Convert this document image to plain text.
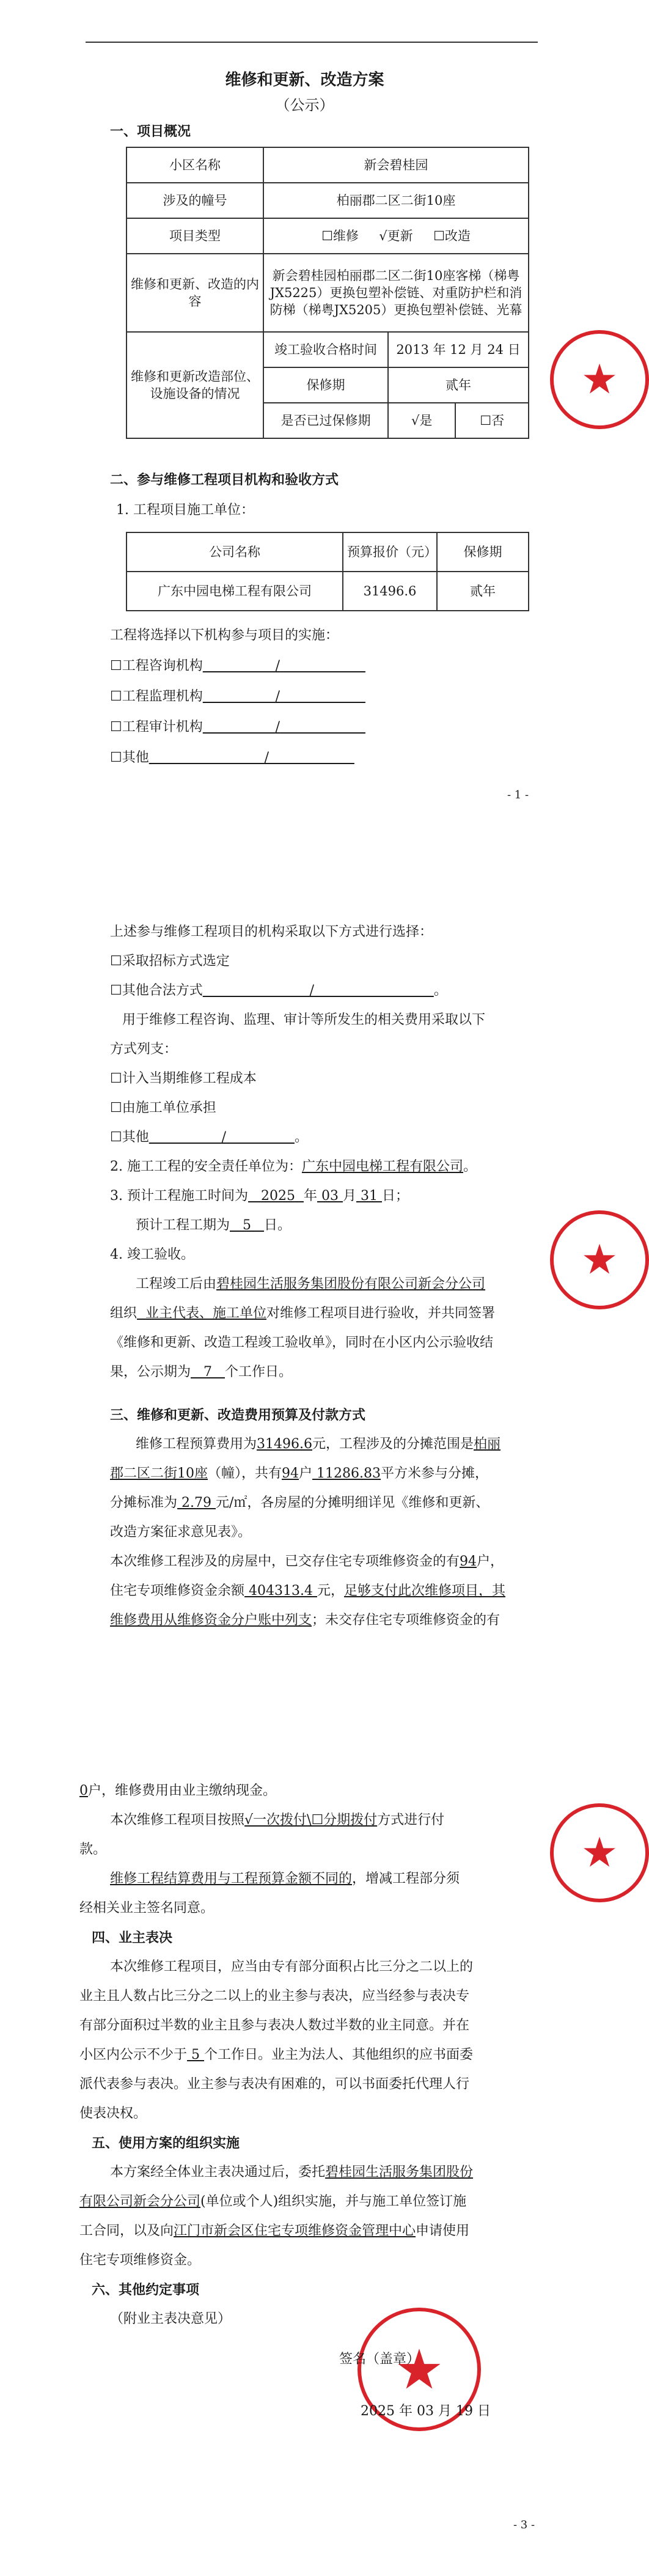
维修和更新、改造方案
（公示）
一、项目概况
小区名称	新会碧桂园		
涉及的幢号	柏丽郡二区二街10座		
项目类型	☐维修 √更新 ☐改造		
维修和更新、改造的内容	新会碧桂园柏丽郡二区二街10座客梯（梯粤JX5225）更换包塑补偿链、对重防护栏和消防梯（梯粤JX5205）更换包塑补偿链、光幕		
维修和更新改造部位、设施设备的情况	竣工验收合格时间	2013 年 12 月 24 日	
	保修期	贰年	
	是否已过保修期	√是	☐否
★
二、参与维修工程项目机构和验收方式
1. 工程项目施工单位：
公司名称	预算报价（元）	保修期
广东中园电梯工程有限公司	31496.6	贰年
工程将选择以下机构参与项目的实施：
☐工程咨询机构	/
☐工程监理机构	/
☐工程审计机构	/
☐其他	/
- 1 -
上述参与维修工程项目的机构采取以下方式进行选择：
☐采取招标方式选定
☐其他合法方式	/	。
用于维修工程咨询、监理、审计等所发生的相关费用采取以下
方式列支：
☐计入当期维修工程成本
☐由施工单位承担
☐其他	/	。
2. 施工工程的安全责任单位为：广东中园电梯工程有限公司。
3. 预计工程施工时间为 2025 年 03 月 31 日；
预计工程工期为 5 日。
4. 竣工验收。
工程竣工后由碧桂园生活服务集团股份有限公司新会分公司
组织 业主代表、施工单位对维修工程项目进行验收，并共同签署
《维修和更新、改造工程竣工验收单》，同时在小区内公示验收结
果，公示期为 7 个工作日。
★
三、维修和更新、改造费用预算及付款方式
维修工程预算费用为31496.6元，工程涉及的分摊范围是柏丽
郡二区二街10座（幢），共有94户 11286.83平方米参与分摊，
分摊标准为 2.79 元/㎡，各房屋的分摊明细详见《维修和更新、
改造方案征求意见表》。
本次维修工程涉及的房屋中，已交存住宅专项维修资金的有94户，
住宅专项维修资金余额 404313.4 元，足够支付此次维修项目，其
维修费用从维修资金分户账中列支；未交存住宅专项维修资金的有
0户，维修费用由业主缴纳现金。
本次维修工程项目按照√一次拨付\☐分期拨付方式进行付
款。
维修工程结算费用与工程预算金额不同的，增减工程部分须
经相关业主签名同意。
★
四、业主表决
本次维修工程项目，应当由专有部分面积占比三分之二以上的
业主且人数占比三分之二以上的业主参与表决，应当经参与表决专
有部分面积过半数的业主且参与表决人数过半数的业主同意。并在
小区内公示不少于 5 个工作日。业主为法人、其他组织的应书面委
派代表参与表决。业主参与表决有困难的，可以书面委托代理人行
使表决权。
五、使用方案的组织实施
本方案经全体业主表决通过后，委托碧桂园生活服务集团股份
有限公司新会分公司(单位或个人)组织实施，并与施工单位签订施
工合同，以及向江门市新会区住宅专项维修资金管理中心申请使用
住宅专项维修资金。
六、其他约定事项
（附业主表决意见）
★
签名（盖章）
2025 年 03 月 19 日
- 3 -
